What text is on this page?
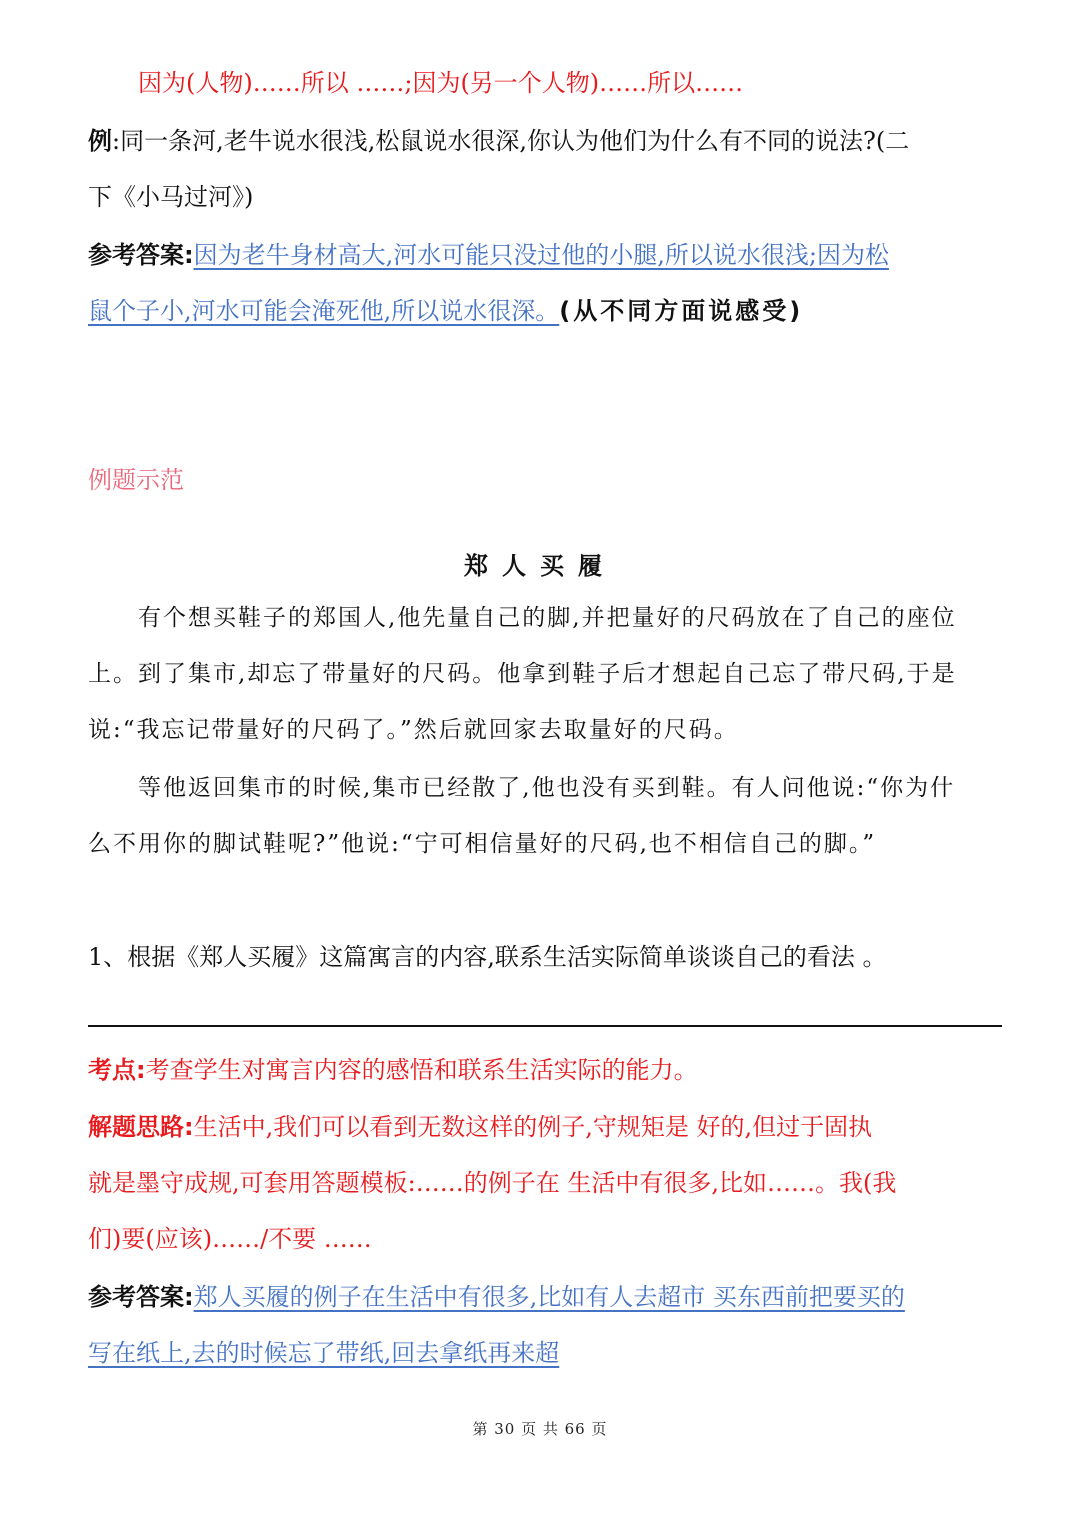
因为(人物)……所以 ……;因为(另一个人物)……所以……
例:同一条河,老牛说水很浅,松鼠说水很深,你认为他们为什么有不同的说法?(二
下《小马过河》)
参考答案:因为老牛身材高大,河水可能只没过他的小腿,所以说水很浅;因为松
鼠个子小,河水可能会淹死他,所以说水很深。(从不同方面说感受)
例题示范
郑人买履
有个想买鞋子的郑国人,他先量自己的脚,并把量好的尺码放在了自己的座位
上。到了集市,却忘了带量好的尺码。他拿到鞋子后才想起自己忘了带尺码,于是
说:“我忘记带量好的尺码了。”然后就回家去取量好的尺码。
等他返回集市的时候,集市已经散了,他也没有买到鞋。有人问他说:“你为什
么不用你的脚试鞋呢?”他说:“宁可相信量好的尺码,也不相信自己的脚。”
1、根据《郑人买履》这篇寓言的内容,联系生活实际简单谈谈自己的看法 。
考点:考查学生对寓言内容的感悟和联系生活实际的能力。
解题思路:生活中,我们可以看到无数这样的例子,守规矩是 好的,但过于固执
就是墨守成规,可套用答题模板:……的例子在 生活中有很多,比如……。我(我
们)要(应该)……/不要 ……
参考答案:郑人买履的例子在生活中有很多,比如有人去超市 买东西前把要买的
写在纸上,去的时候忘了带纸,回去拿纸再来超
第 30 页 共 66 页
